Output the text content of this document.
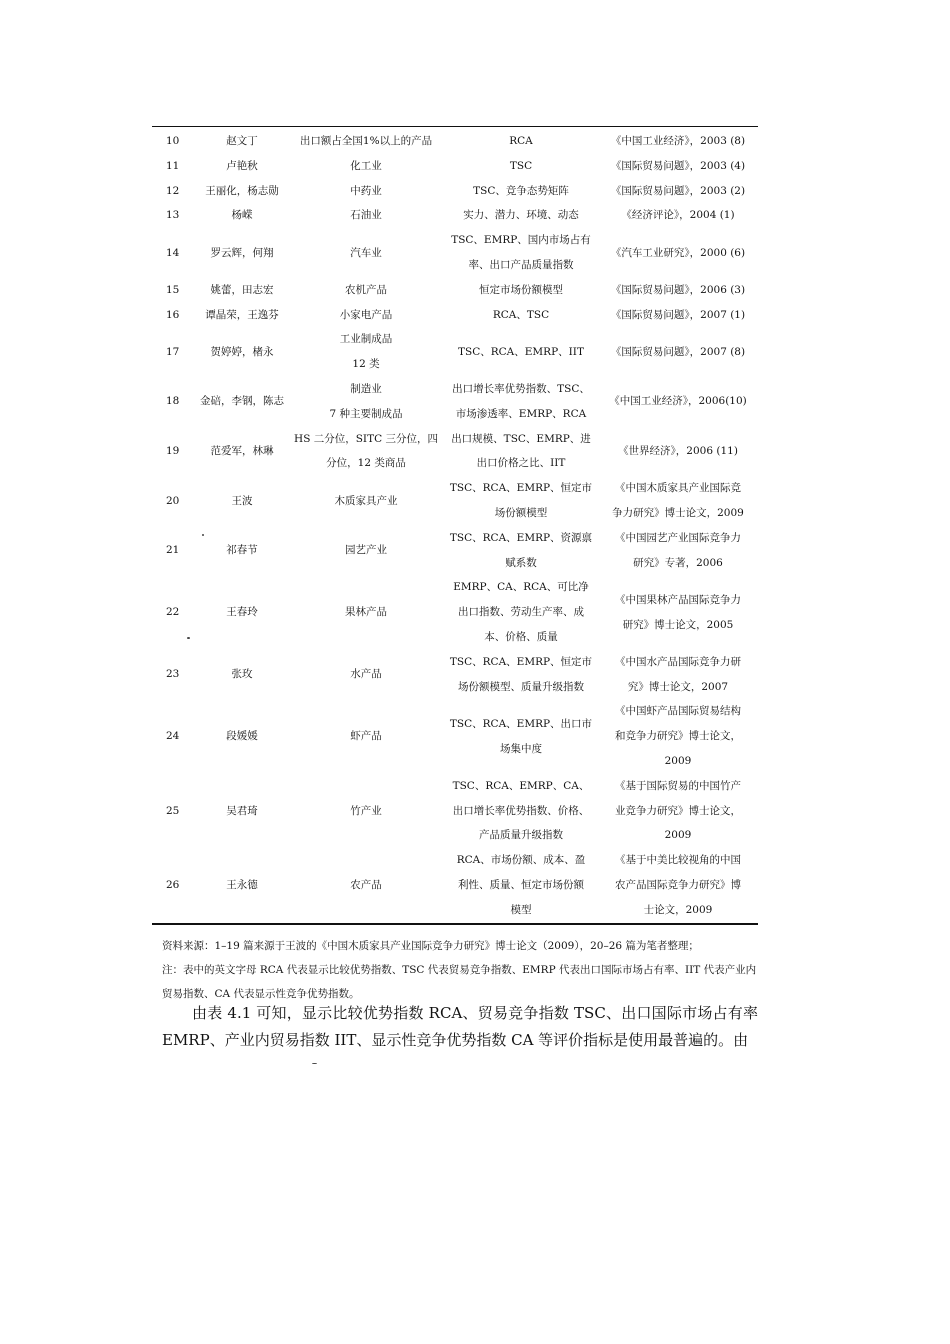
10	赵文丁	出口额占全国1%以上的产品	RCA	《中国工业经济》，2003 (8)
11	卢艳秋	化工业	TSC	《国际贸易问题》，2003 (4)
12	王丽化，杨志勋	中药业	TSC、竞争态势矩阵	《国际贸易问题》，2003 (2)
13	杨嵘	石油业	实力、潜力、环境、动态	《经济评论》，2004 (1)
14	罗云辉，何翔	汽车业	TSC、EMRP、国内市场占有
率、出口产品质量指数	《汽车工业研究》，2000 (6)
15	姚蕾，田志宏	农机产品	恒定市场份额模型	《国际贸易问题》，2006 (3)
16	谭晶荣，王逸芬	小家电产品	RCA、TSC	《国际贸易问题》，2007 (1)
17	贺婷婷，楮永	工业制成品
12 类	TSC、RCA、EMRP、IIT	《国际贸易问题》，2007 (8)
18	金碚，李钢，陈志	制造业
7 种主要制成品	出口增长率优势指数、TSC、
市场渗透率、EMRP、RCA	《中国工业经济》，2006(10)
19	范爱军，林琳	HS 二分位，SITC 三分位，四
分位，12 类商品	出口规模、TSC、EMRP、进
出口价格之比、IIT	《世界经济》，2006 (11)
20	王波	木质家具产业	TSC、RCA、EMRP、恒定市
场份额模型	《中国木质家具产业国际竞
争力研究》博士论文，2009
21	祁春节	园艺产业	TSC、RCA、EMRP、资源禀
赋系数	《中国园艺产业国际竞争力
研究》专著，2006
22	王春玲	果林产品	EMRP、CA、RCA、可比净
出口指数、劳动生产率、成
本、价格、质量	《中国果林产品国际竞争力
研究》博士论文，2005
23	张玫	水产品	TSC、RCA、EMRP、恒定市
场份额模型、质量升级指数	《中国水产品国际竞争力研
究》博士论文，2007
24	段媛媛	虾产品	TSC、RCA、EMRP、出口市
场集中度	《中国虾产品国际贸易结构
和竞争力研究》博士论文，
2009
25	吴君琦	竹产业	TSC、RCA、EMRP、CA、
出口增长率优势指数、价格、
产品质量升级指数	《基于国际贸易的中国竹产
业竞争力研究》博士论文，
2009
26	王永德	农产品	RCA、市场份额、成本、盈
利性、质量、恒定市场份额
模型	《基于中美比较视角的中国
农产品国际竞争力研究》博
士论文，2009

资料来源：1–19 篇来源于王波的《中国木质家具产业国际竞争力研究》博士论文（2009），20–26 篇为笔者整理；

注：表中的英文字母 RCA 代表显示比较优势指数、TSC 代表贸易竞争指数、EMRP 代表出口国际市场占有率、IIT 代表产业内贸易指数、CA 代表显示性竞争优势指数。

由表 4.1 可知，显示比较优势指数 RCA、贸易竞争指数 TSC、出口国际市场占有率 EMRP、产业内贸易指数 IIT、显示性竞争优势指数 CA 等评价指标是使用最普遍的。由
